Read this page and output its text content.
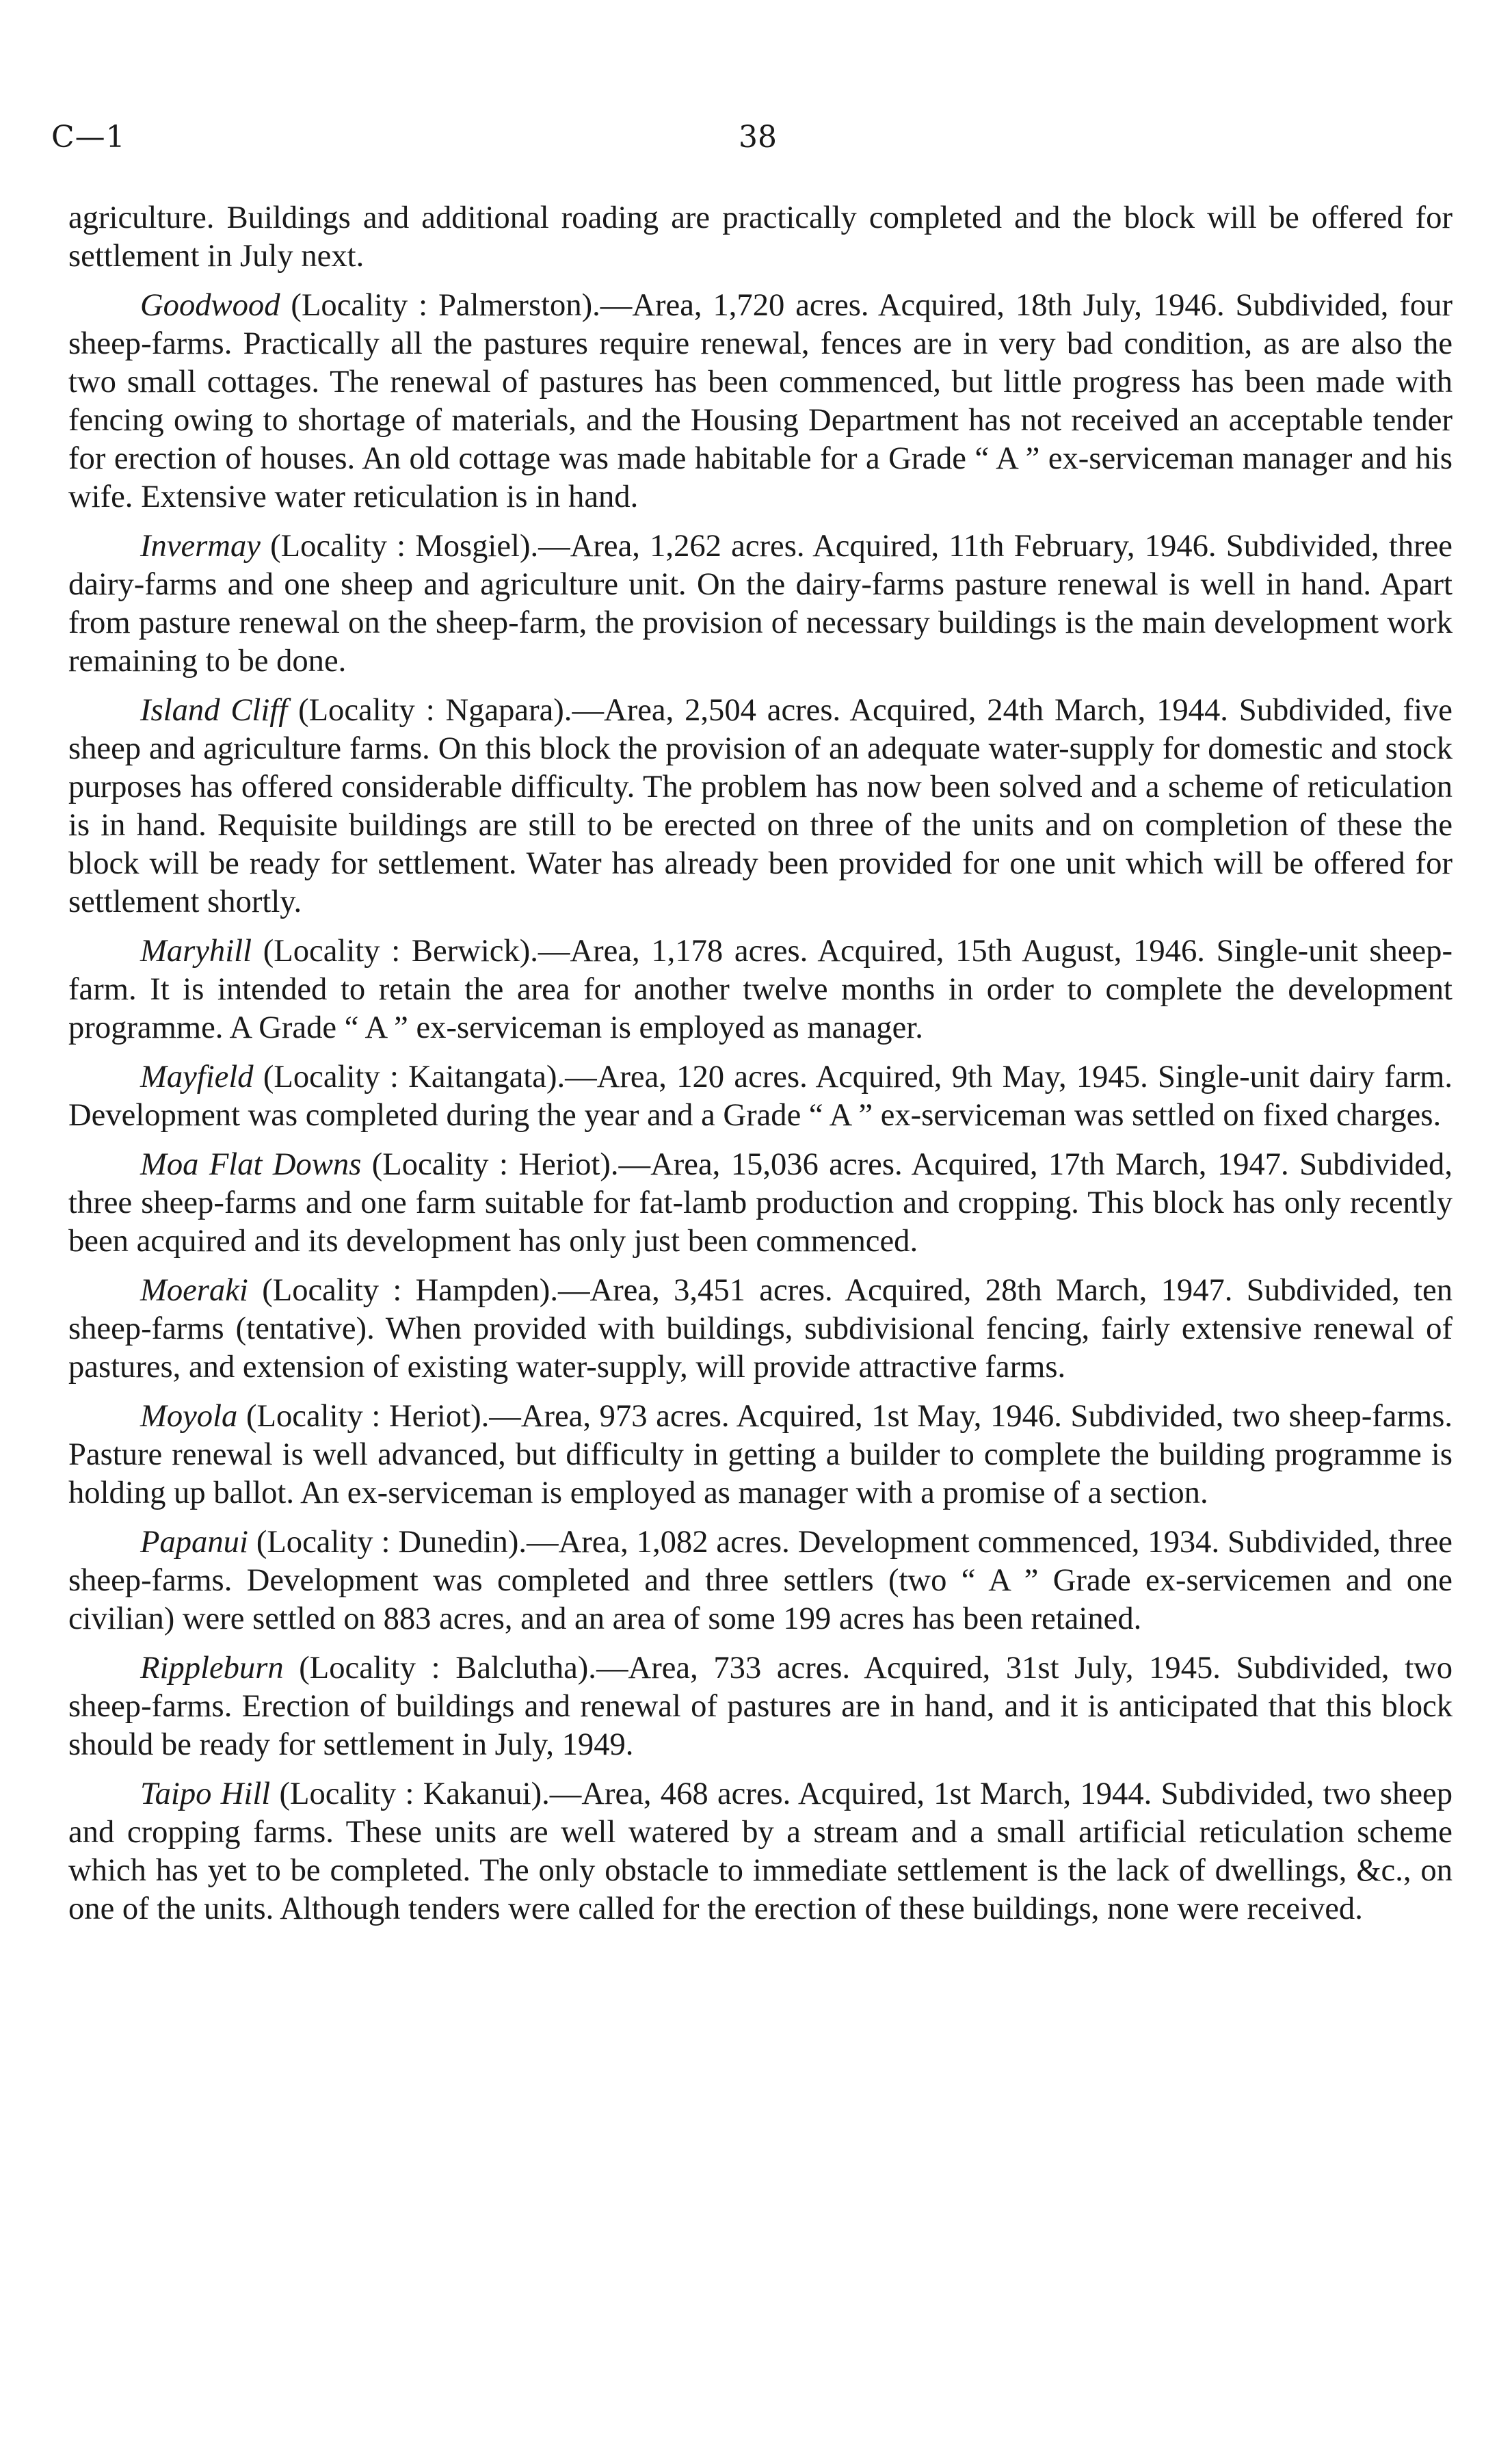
C—1	38

agriculture. Buildings and additional roading are practically completed and the block will be offered for settlement in July next.

Goodwood (Locality : Palmerston).—Area, 1,720 acres. Acquired, 18th July, 1946. Subdivided, four sheep-farms. Practically all the pastures require renewal, fences are in very bad condition, as are also the two small cottages. The renewal of pastures has been commenced, but little progress has been made with fencing owing to shortage of materials, and the Housing Department has not received an acceptable tender for erection of houses. An old cottage was made habitable for a Grade “ A ” ex-serviceman manager and his wife. Extensive water reticulation is in hand.

Invermay (Locality : Mosgiel).—Area, 1,262 acres. Acquired, 11th February, 1946. Subdivided, three dairy-farms and one sheep and agriculture unit. On the dairy-farms pasture renewal is well in hand. Apart from pasture renewal on the sheep-farm, the provision of necessary buildings is the main development work remaining to be done.

Island Cliff (Locality : Ngapara).—Area, 2,504 acres. Acquired, 24th March, 1944. Subdivided, five sheep and agriculture farms. On this block the provision of an adequate water-supply for domestic and stock purposes has offered considerable difficulty. The problem has now been solved and a scheme of reticulation is in hand. Requisite buildings are still to be erected on three of the units and on completion of these the block will be ready for settlement. Water has already been provided for one unit which will be offered for settlement shortly.

Maryhill (Locality : Berwick).—Area, 1,178 acres. Acquired, 15th August, 1946. Single-unit sheep-farm. It is intended to retain the area for another twelve months in order to complete the development programme. A Grade “ A ” ex-serviceman is employed as manager.

Mayfield (Locality : Kaitangata).—Area, 120 acres. Acquired, 9th May, 1945. Single-unit dairy farm. Development was completed during the year and a Grade “ A ” ex-serviceman was settled on fixed charges.

Moa Flat Downs (Locality : Heriot).—Area, 15,036 acres. Acquired, 17th March, 1947. Subdivided, three sheep-farms and one farm suitable for fat-lamb production and cropping. This block has only recently been acquired and its development has only just been commenced.

Moeraki (Locality : Hampden).—Area, 3,451 acres. Acquired, 28th March, 1947. Subdivided, ten sheep-farms (tentative). When provided with buildings, subdivisional fencing, fairly extensive renewal of pastures, and extension of existing water-supply, will provide attractive farms.

Moyola (Locality : Heriot).—Area, 973 acres. Acquired, 1st May, 1946. Subdivided, two sheep-farms. Pasture renewal is well advanced, but difficulty in getting a builder to complete the building programme is holding up ballot. An ex-serviceman is employed as manager with a promise of a section.

Papanui (Locality : Dunedin).—Area, 1,082 acres. Development commenced, 1934. Subdivided, three sheep-farms. Development was completed and three settlers (two “ A ” Grade ex-servicemen and one civilian) were settled on 883 acres, and an area of some 199 acres has been retained.

Rippleburn (Locality : Balclutha).—Area, 733 acres. Acquired, 31st July, 1945. Subdivided, two sheep-farms. Erection of buildings and renewal of pastures are in hand, and it is anticipated that this block should be ready for settlement in July, 1949.

Taipo Hill (Locality : Kakanui).—Area, 468 acres. Acquired, 1st March, 1944. Subdivided, two sheep and cropping farms. These units are well watered by a stream and a small artificial reticulation scheme which has yet to be completed. The only obstacle to immediate settlement is the lack of dwellings, &c., on one of the units. Although tenders were called for the erection of these buildings, none were received.
